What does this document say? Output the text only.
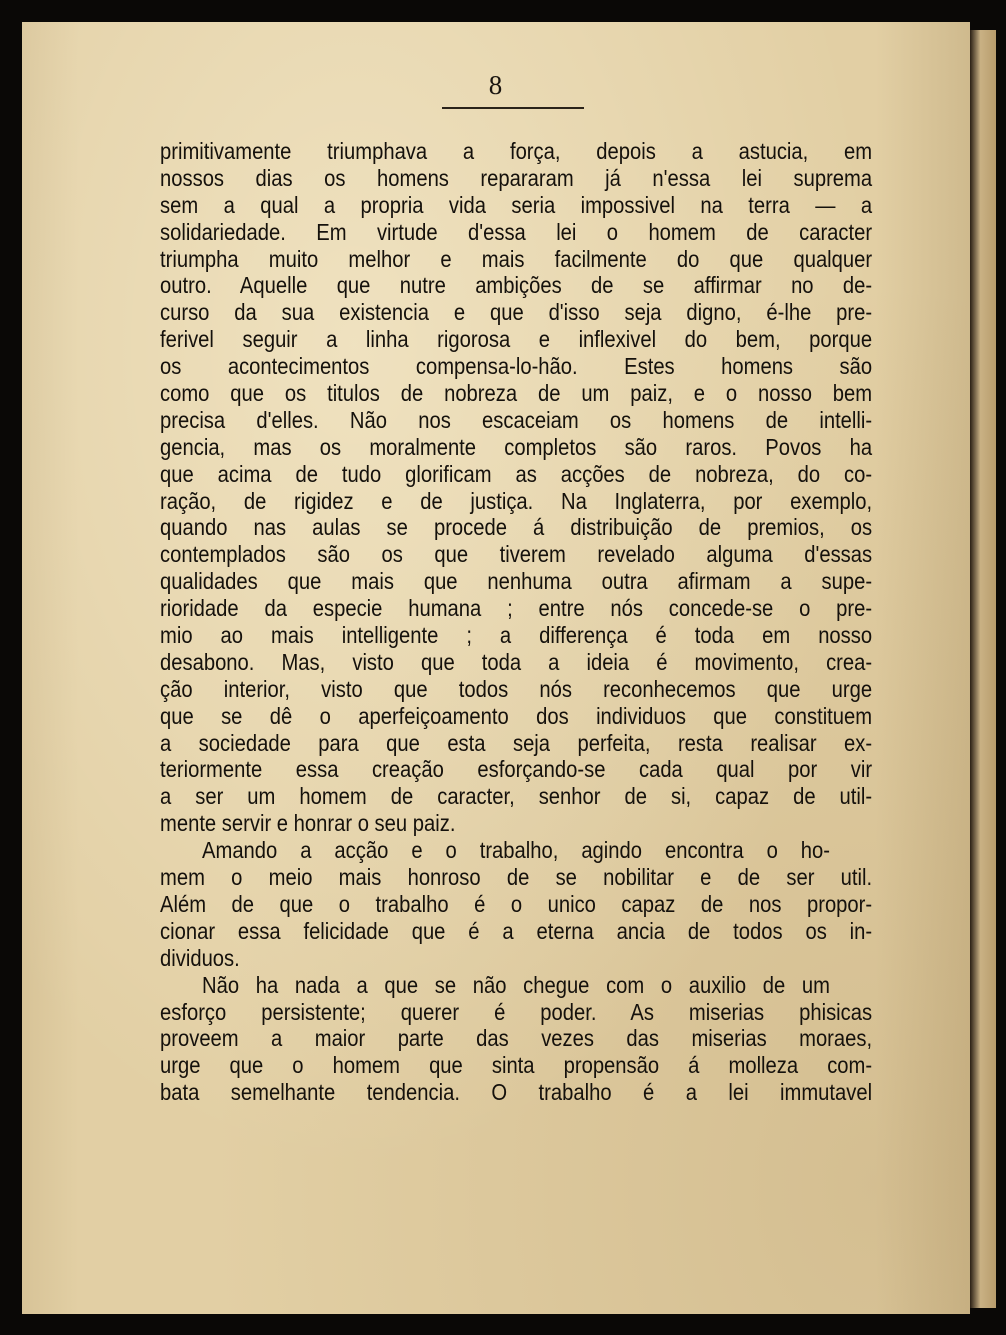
8
primitivamente triumphava a força, depois a astucia, em
nossos dias os homens repararam já n'essa lei suprema
sem a qual a propria vida seria impossivel na terra — a
solidariedade. Em virtude d'essa lei o homem de caracter
triumpha muito melhor e mais facilmente do que qualquer
outro. Aquelle que nutre ambições de se affirmar no de-
curso da sua existencia e que d'isso seja digno, é-lhe pre-
ferivel seguir a linha rigorosa e inflexivel do bem, porque
os acontecimentos compensa-lo-hão. Estes homens são
como que os titulos de nobreza de um paiz, e o nosso bem
precisa d'elles. Não nos escaceiam os homens de intelli-
gencia, mas os moralmente completos são raros. Povos ha
que acima de tudo glorificam as acções de nobreza, do co-
ração, de rigidez e de justiça. Na Inglaterra, por exemplo,
quando nas aulas se procede á distribuição de premios, os
contemplados são os que tiverem revelado alguma d'essas
qualidades que mais que nenhuma outra afirmam a supe-
rioridade da especie humana ; entre nós concede-se o pre-
mio ao mais intelligente ; a differença é toda em nosso
desabono. Mas, visto que toda a ideia é movimento, crea-
ção interior, visto que todos nós reconhecemos que urge
que se dê o aperfeiçoamento dos individuos que constituem
a sociedade para que esta seja perfeita, resta realisar ex-
teriormente essa creação esforçando-se cada qual por vir
a ser um homem de caracter, senhor de si, capaz de util-
mente servir e honrar o seu paiz.
Amando a acção e o trabalho, agindo encontra o ho-
mem o meio mais honroso de se nobilitar e de ser util.
Além de que o trabalho é o unico capaz de nos propor-
cionar essa felicidade que é a eterna ancia de todos os in-
dividuos.
Não ha nada a que se não chegue com o auxilio de um
esforço persistente; querer é poder. As miserias phisicas
proveem a maior parte das vezes das miserias moraes,
urge que o homem que sinta propensão á molleza com-
bata semelhante tendencia. O trabalho é a lei immutavel
